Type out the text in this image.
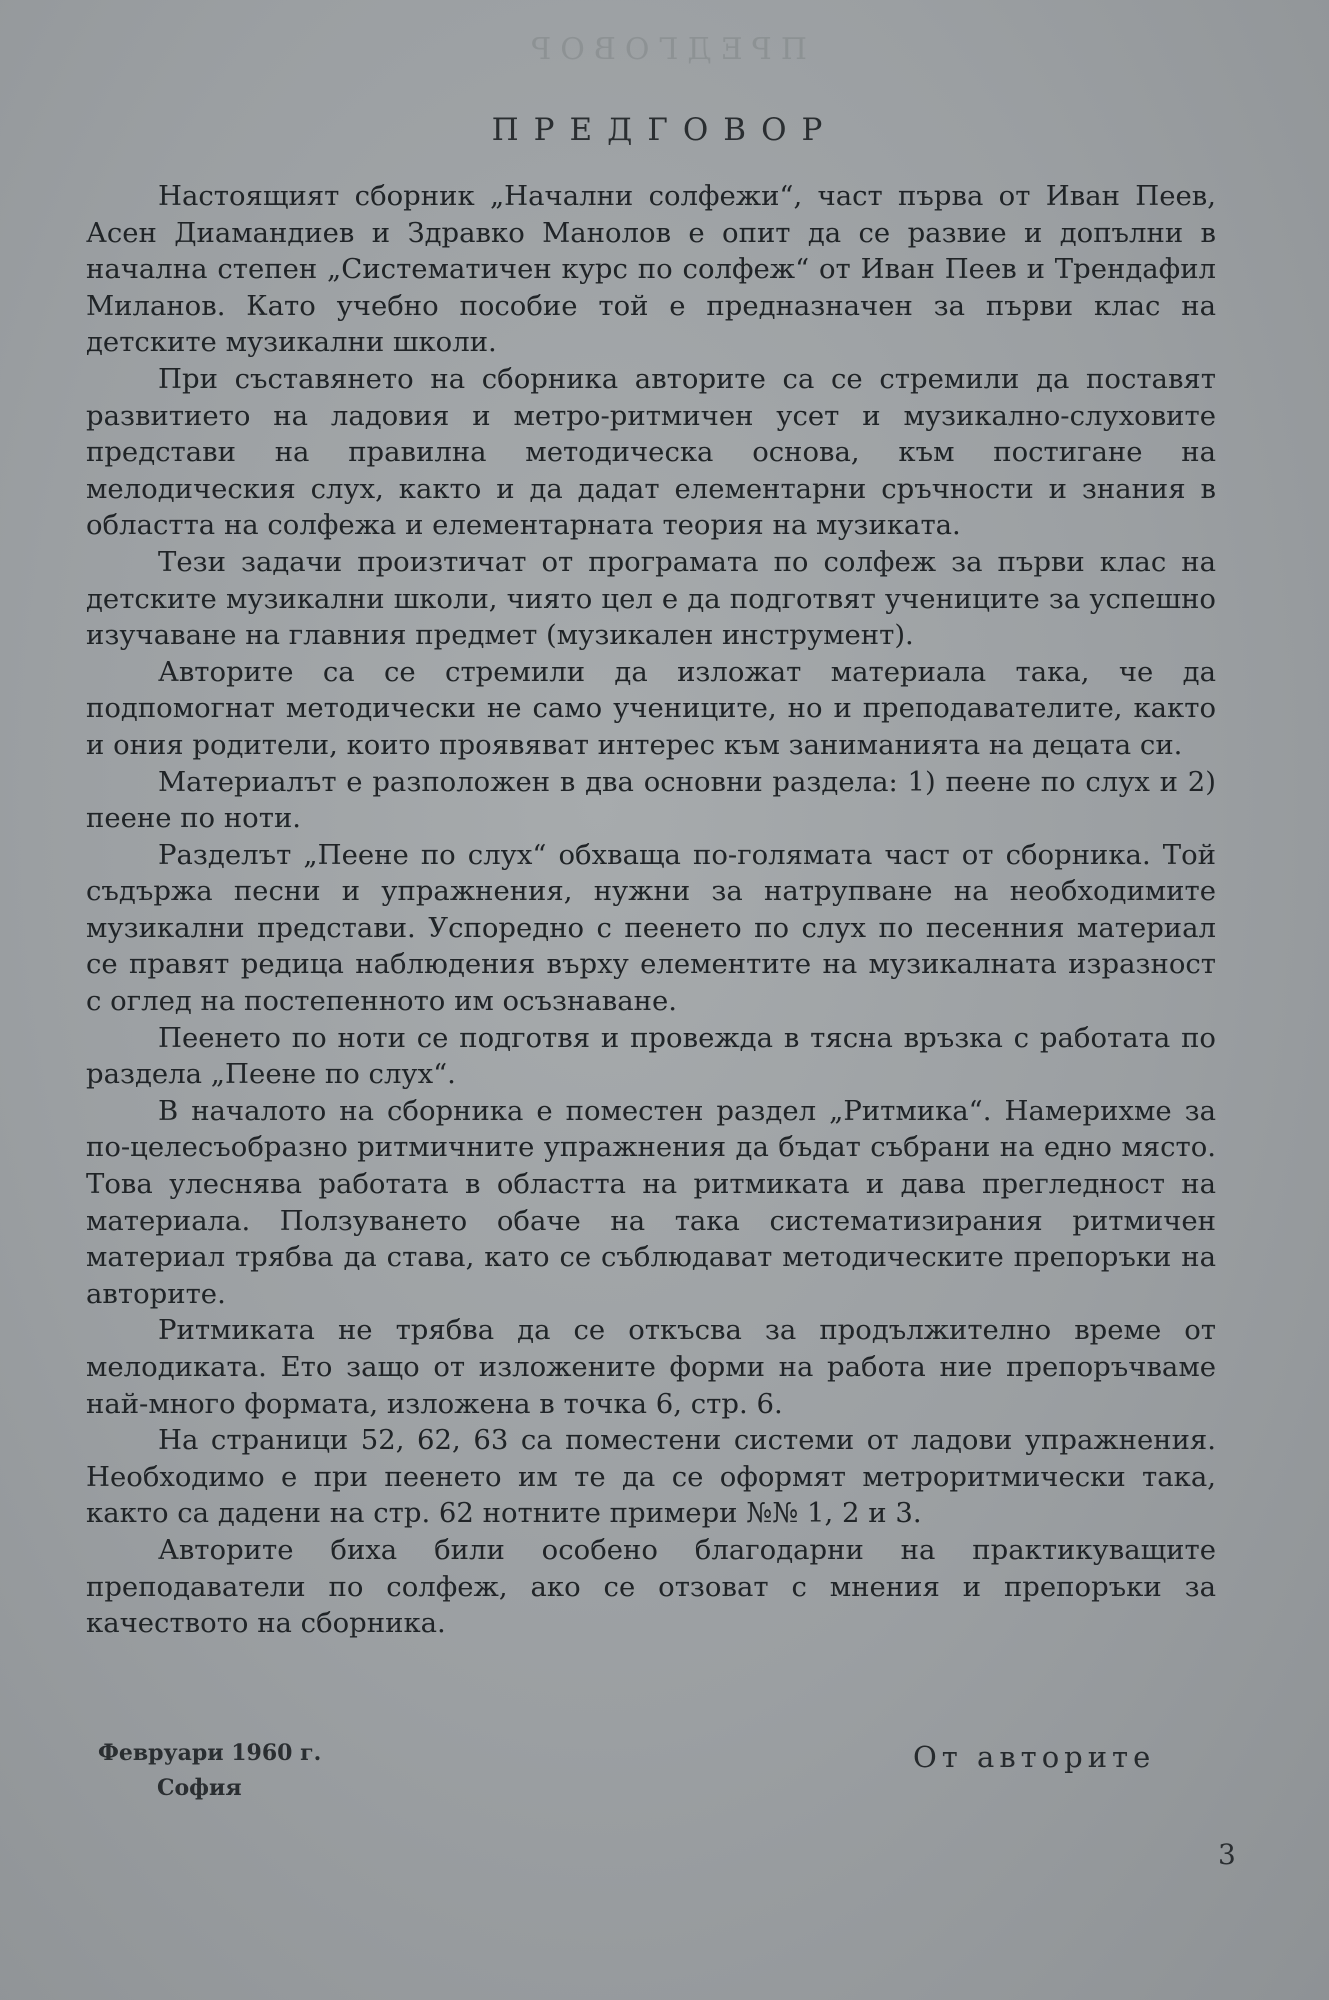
ПРЕДГОВОР
ПРЕДГОВОР

Настоящият сборник „Начални солфежи“, част първа от Иван Пеев, Асен Диамандиев и Здравко Манолов е опит да се развие и допълни в начална степен „Систематичен курс по солфеж“ от Иван Пеев и Трендафил Миланов. Като учебно пособие той е предназначен за първи клас на детските музикални школи.

При съставянето на сборника авторите са се стремили да поставят развитието на ладовия и метро-ритмичен усет и музикално-слуховите представи на правилна методическа основа, към постигане на мелодическия слух, както и да дадат елементарни сръчности и знания в областта на солфежа и елементарната теория на музиката.

Тези задачи произтичат от програмата по солфеж за първи клас на детските музикални школи, чиято цел е да подготвят учениците за успешно изучаване на главния предмет (музикален инструмент).

Авторите са се стремили да изложат материала така, че да подпомогнат методически не само учениците, но и преподавателите, както и ония родители, които проявяват интерес към заниманията на децата си.

Материалът е разположен в два основни раздела: 1) пеене по слух и 2) пеене по ноти.

Разделът „Пеене по слух“ обхваща по-голямата част от сборника. Той съдържа песни и упражнения, нужни за натрупване на необходимите музикални представи. Успоредно с пеенето по слух по песенния материал се правят редица наблюдения върху елементите на музикалната изразност с оглед на постепенното им осъзнаване.

Пеенето по ноти се подготвя и провежда в тясна връзка с работата по раздела „Пеене по слух“.

В началото на сборника е поместен раздел „Ритмика“. Намерихме за по-целесъобразно ритмичните упражнения да бъдат събрани на едно място. Това улеснява работата в областта на ритмиката и дава прегледност на материала. Ползуването обаче на така систематизирания ритмичен материал трябва да става, като се съблюдават методическите препоръки на авторите.

Ритмиката не трябва да се откъсва за продължително време от мелодиката. Ето защо от изложените форми на работа ние препоръчваме най-много формата, изложена в точка 6, стр. 6.

На страници 52, 62, 63 са поместени системи от ладови упражнения. Необходимо е при пеенето им те да се оформят метроритмически така, както са дадени на стр. 62 нотните примери №№ 1, 2 и 3.

Авторите биха били особено благодарни на практикуващите преподаватели по солфеж, ако се отзоват с мнения и препоръки за качеството на сборника.

Февруари 1960 г.
София
От авторите
3
